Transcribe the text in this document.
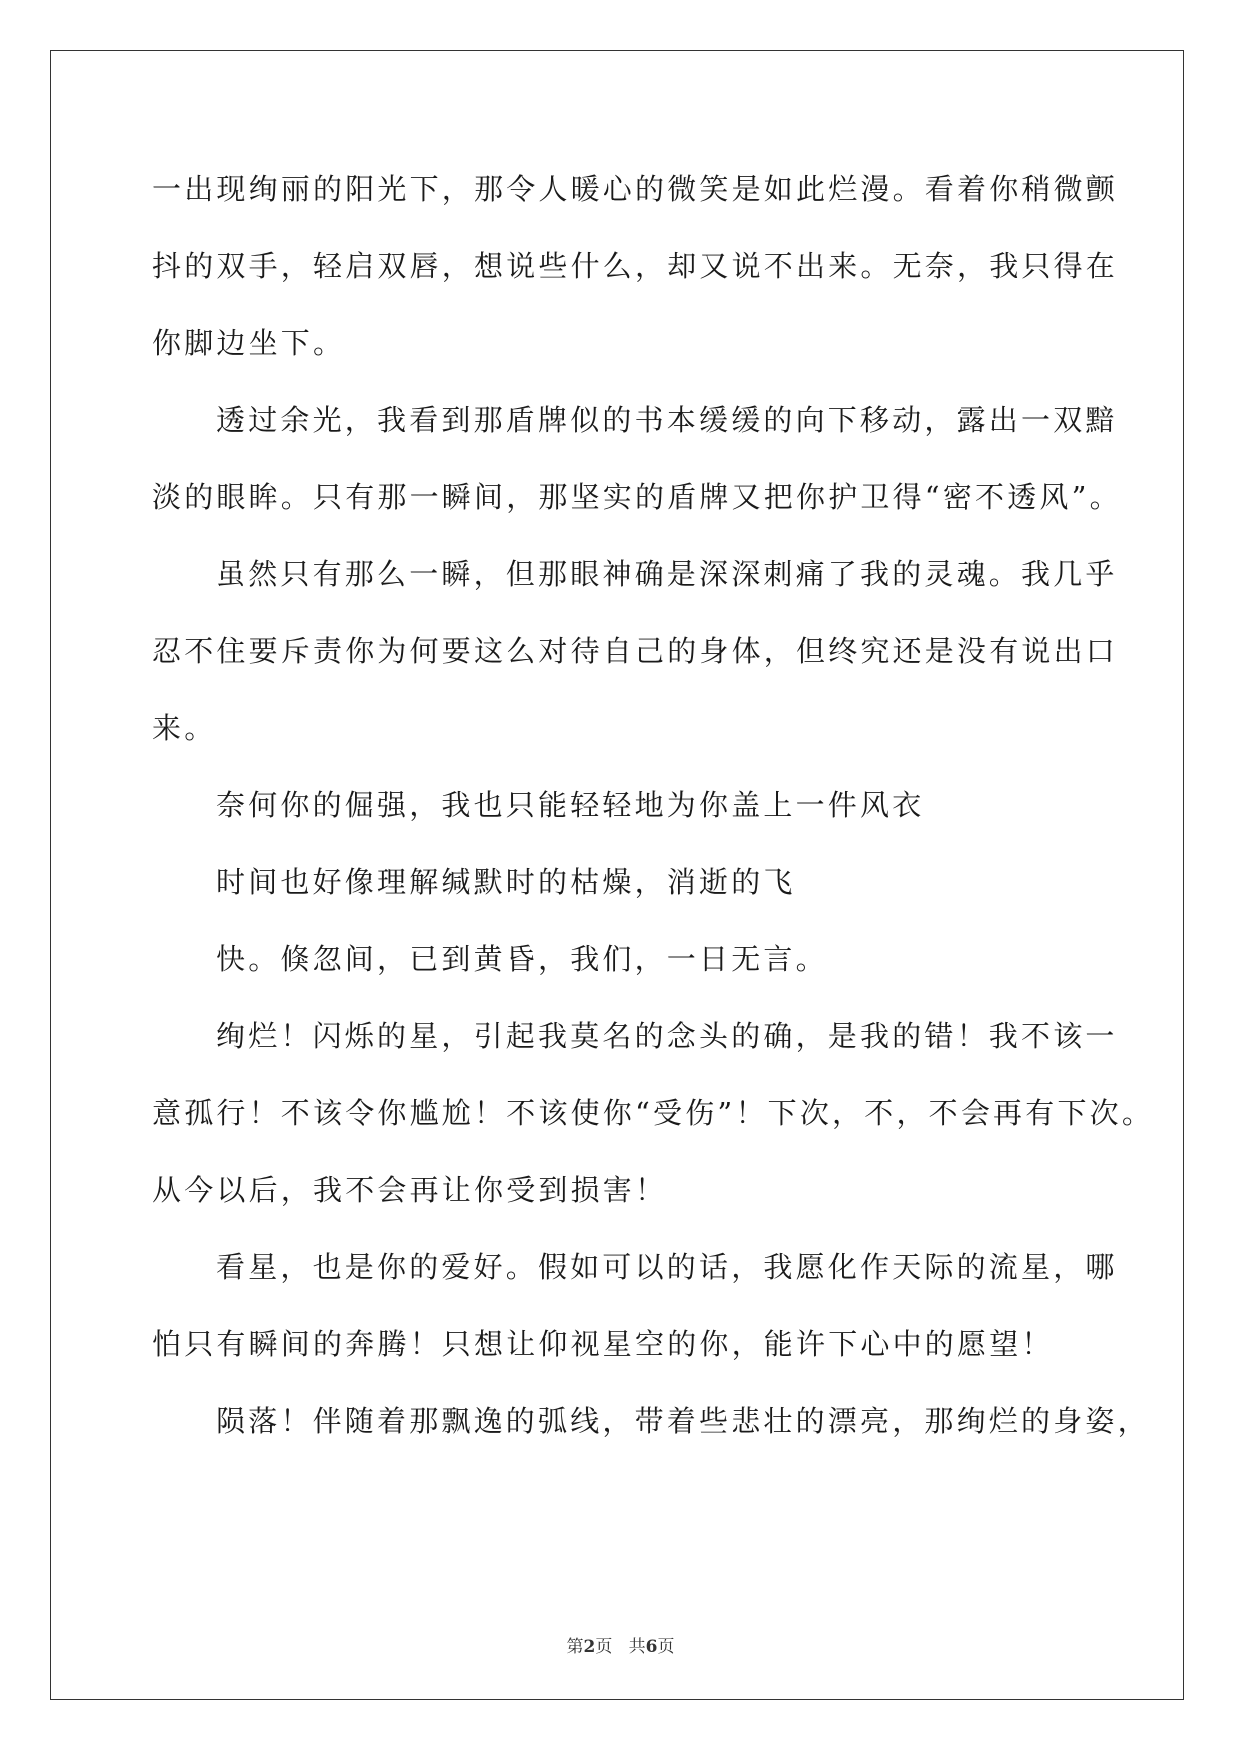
一出现绚丽的阳光下，那令人暖心的微笑是如此烂漫。看着你稍微颤
抖的双手，轻启双唇，想说些什么，却又说不出来。无奈，我只得在
你脚边坐下。
透过余光，我看到那盾牌似的书本缓缓的向下移动，露出一双黯
淡的眼眸。只有那一瞬间，那坚实的盾牌又把你护卫得“密不透风”。
虽然只有那么一瞬，但那眼神确是深深刺痛了我的灵魂。我几乎
忍不住要斥责你为何要这么对待自己的身体，但终究还是没有说出口
来。
奈何你的倔强，我也只能轻轻地为你盖上一件风衣
时间也好像理解缄默时的枯燥，消逝的飞
快。倏忽间，已到黄昏，我们，一日无言。
绚烂！闪烁的星，引起我莫名的念头的确，是我的错！我不该一
意孤行！不该令你尴尬！不该使你“受伤”！下次，不，不会再有下次。
从今以后，我不会再让你受到损害！
看星，也是你的爱好。假如可以的话，我愿化作天际的流星，哪
怕只有瞬间的奔腾！只想让仰视星空的你，能许下心中的愿望！
陨落！伴随着那飘逸的弧线，带着些悲壮的漂亮，那绚烂的身姿，
第2页 共6页
